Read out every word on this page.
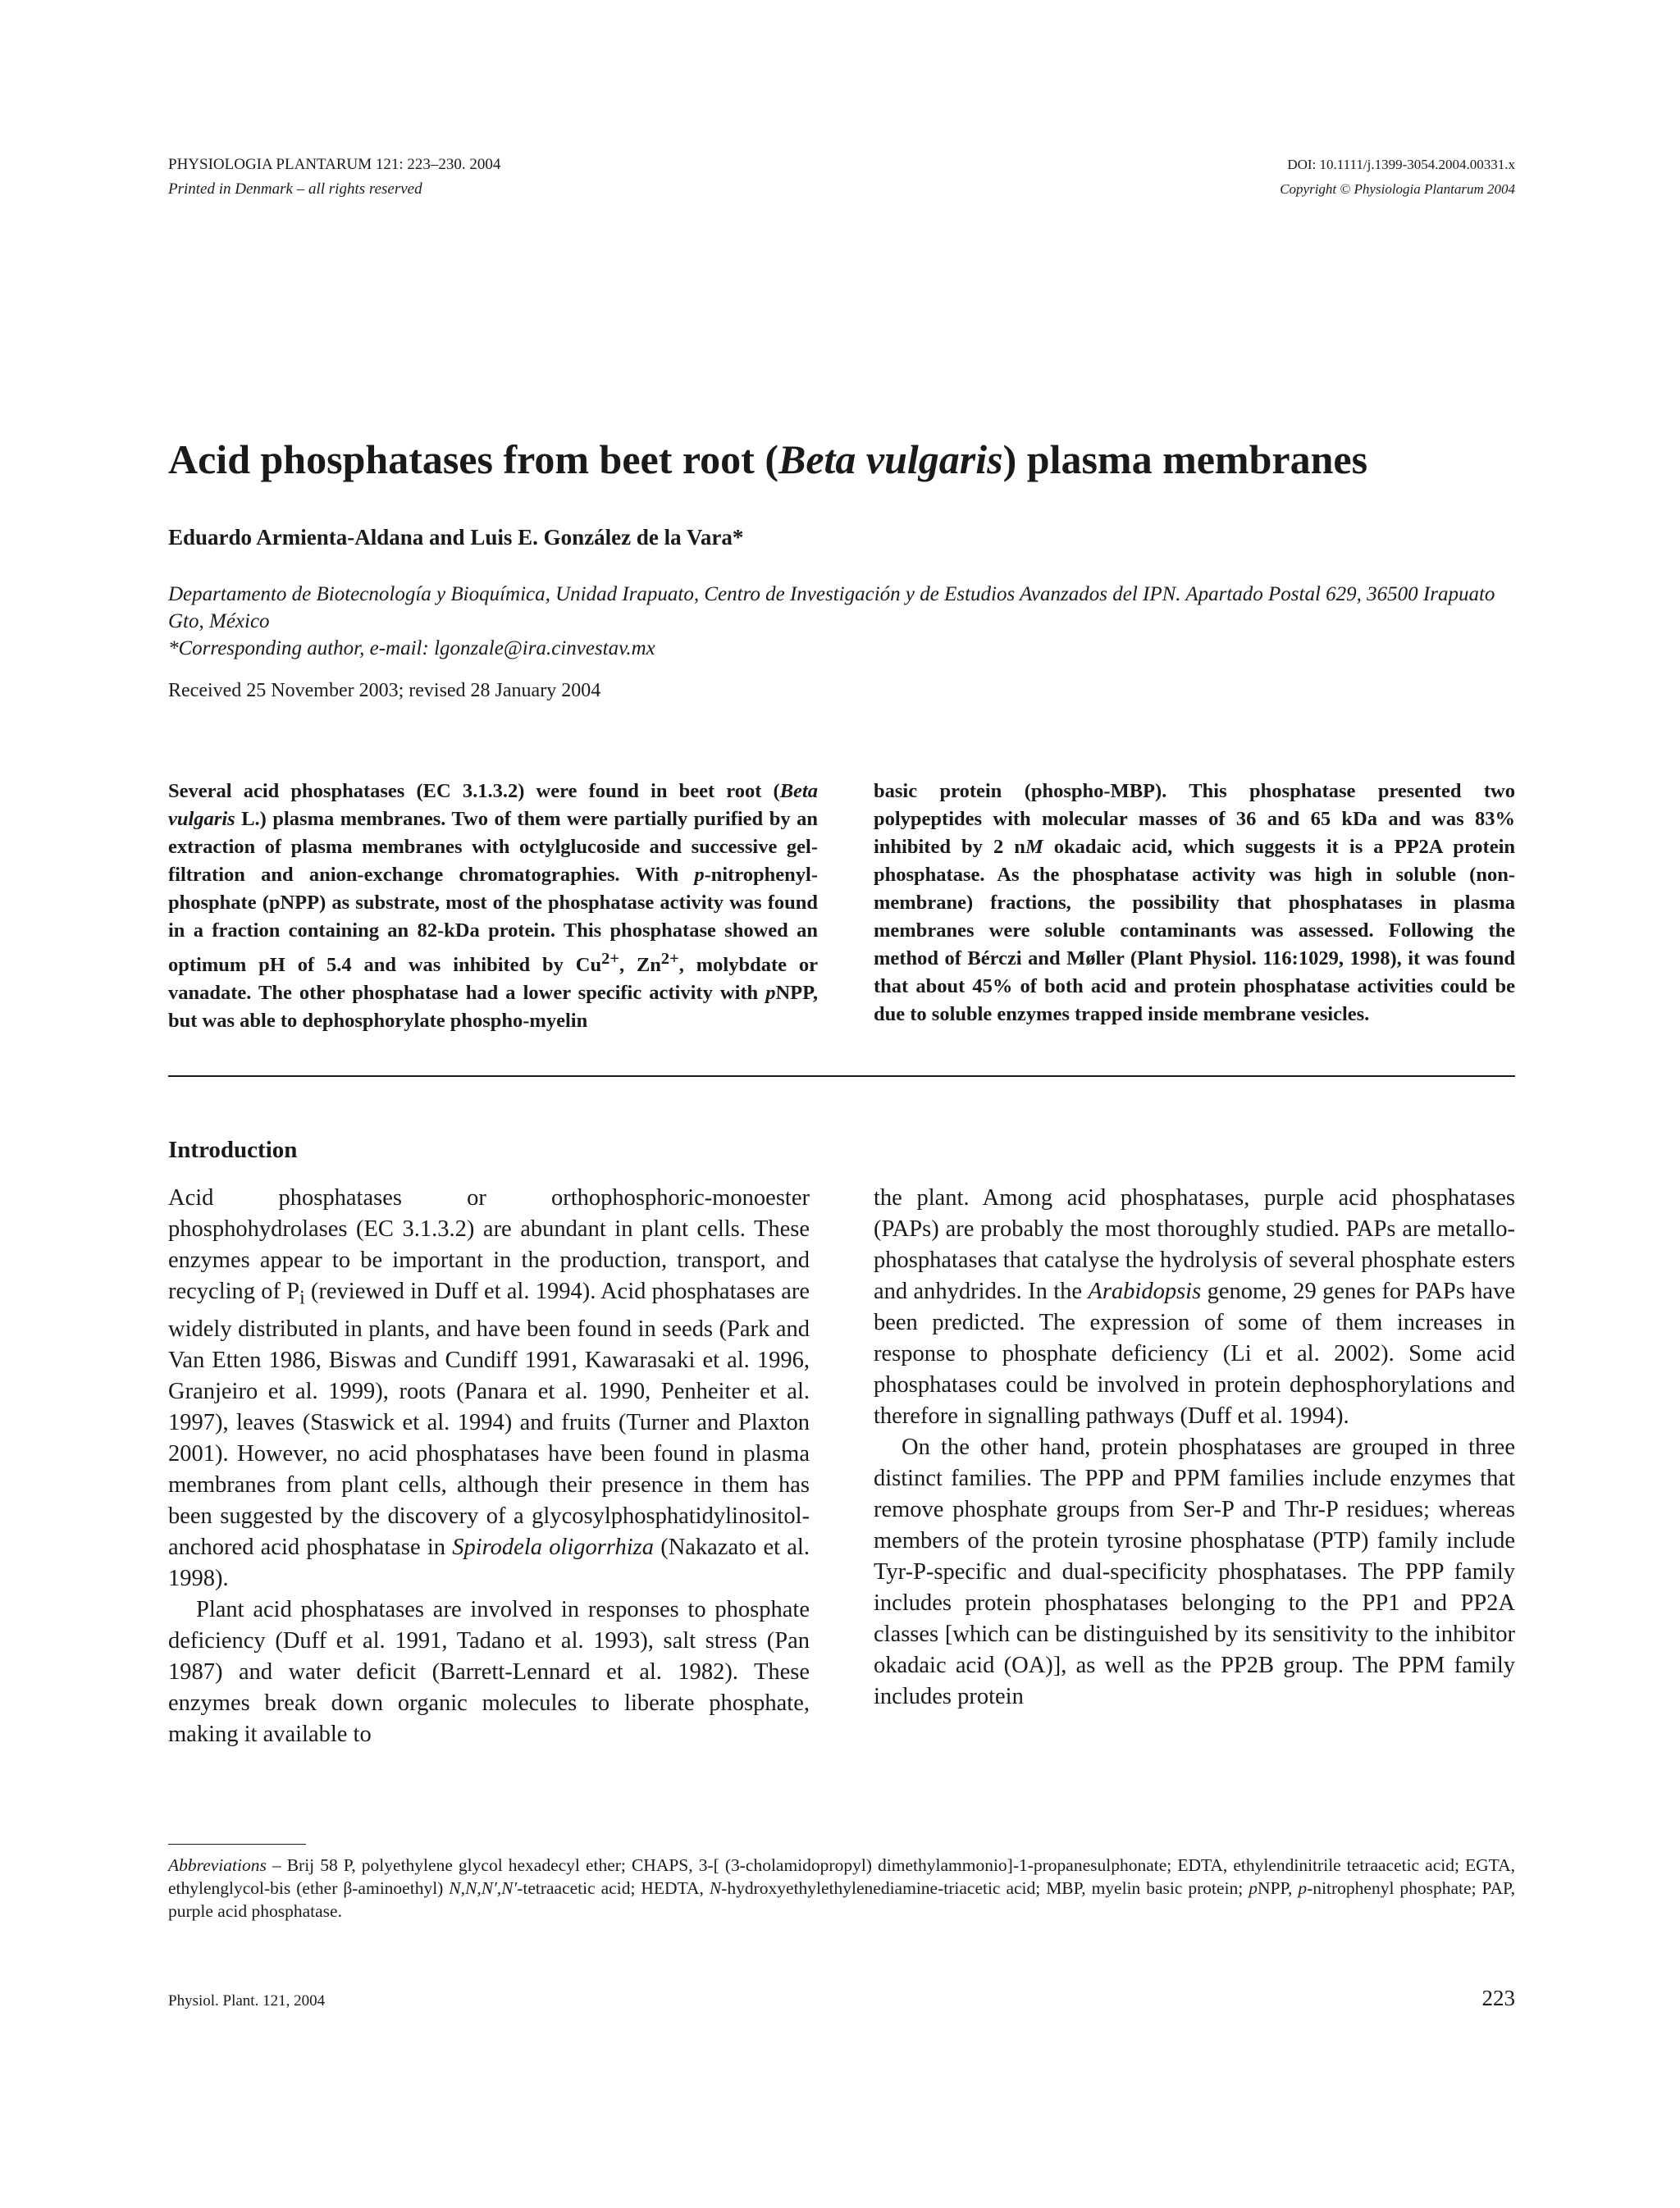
PHYSIOLOGIA PLANTARUM 121: 223–230. 2004
Printed in Denmark – all rights reserved
DOI: 10.1111/j.1399-3054.2004.00331.x
Copyright © Physiologia Plantarum 2004
Acid phosphatases from beet root (Beta vulgaris) plasma membranes
Eduardo Armienta-Aldana and Luis E. González de la Vara*
Departamento de Biotecnología y Bioquímica, Unidad Irapuato, Centro de Investigación y de Estudios Avanzados del IPN. Apartado Postal 629, 36500 Irapuato Gto, México
*Corresponding author, e-mail: lgonzale@ira.cinvestav.mx
Received 25 November 2003; revised 28 January 2004

Several acid phosphatases (EC 3.1.3.2) were found in beet root (Beta vulgaris L.) plasma membranes. Two of them were partially purified by an extraction of plasma membranes with octylglucoside and successive gel-filtration and anion-exchange chromatographies. With p-nitrophenyl-phosphate (pNPP) as substrate, most of the phosphatase activity was found in a fraction containing an 82-kDa protein. This phosphatase showed an optimum pH of 5.4 and was inhibited by $Cu^{2+}$, $Zn^{2+}$, molybdate or vanadate. The other phosphatase had a lower specific activity with pNPP, but was able to dephosphorylate phospho-myelin

basic protein (phospho-MBP). This phosphatase presented two polypeptides with molecular masses of 36 and 65 kDa and was 83% inhibited by 2 nM okadaic acid, which suggests it is a PP2A protein phosphatase. As the phosphatase activity was high in soluble (non-membrane) fractions, the possibility that phosphatases in plasma membranes were soluble contaminants was assessed. Following the method of Bérczi and Møller (Plant Physiol. 116:1029, 1998), it was found that about 45% of both acid and protein phosphatase activities could be due to soluble enzymes trapped inside membrane vesicles.

Introduction

Acid phosphatases or orthophosphoric-monoester phosphohydrolases (EC 3.1.3.2) are abundant in plant cells. These enzymes appear to be important in the production, transport, and recycling of $P_i$ (reviewed in Duff et al. 1994). Acid phosphatases are widely distributed in plants, and have been found in seeds (Park and Van Etten 1986, Biswas and Cundiff 1991, Kawarasaki et al. 1996, Granjeiro et al. 1999), roots (Panara et al. 1990, Penheiter et al. 1997), leaves (Staswick et al. 1994) and fruits (Turner and Plaxton 2001). However, no acid phosphatases have been found in plasma membranes from plant cells, although their presence in them has been suggested by the discovery of a glycosylphosphatidylinositol-anchored acid phosphatase in Spirodela oligorrhiza (Nakazato et al. 1998).

Plant acid phosphatases are involved in responses to phosphate deficiency (Duff et al. 1991, Tadano et al. 1993), salt stress (Pan 1987) and water deficit (Barrett-Lennard et al. 1982). These enzymes break down organic molecules to liberate phosphate, making it available to

the plant. Among acid phosphatases, purple acid phosphatases (PAPs) are probably the most thoroughly studied. PAPs are metallo-phosphatases that catalyse the hydrolysis of several phosphate esters and anhydrides. In the Arabidopsis genome, 29 genes for PAPs have been predicted. The expression of some of them increases in response to phosphate deficiency (Li et al. 2002). Some acid phosphatases could be involved in protein dephosphorylations and therefore in signalling pathways (Duff et al. 1994).

On the other hand, protein phosphatases are grouped in three distinct families. The PPP and PPM families include enzymes that remove phosphate groups from Ser-P and Thr-P residues; whereas members of the protein tyrosine phosphatase (PTP) family include Tyr-P-specific and dual-specificity phosphatases. The PPP family includes protein phosphatases belonging to the PP1 and PP2A classes [which can be distinguished by its sensitivity to the inhibitor okadaic acid (OA)], as well as the PP2B group. The PPM family includes protein

Abbreviations – Brij 58 P, polyethylene glycol hexadecyl ether; CHAPS, 3-[ (3-cholamidopropyl) dimethylammonio]-1-propanesulphonate; EDTA, ethylendinitrile tetraacetic acid; EGTA, ethylenglycol-bis (ether β-aminoethyl) N,N,N′,N′-tetraacetic acid; HEDTA, N-hydroxyethylethylenediamine-triacetic acid; MBP, myelin basic protein; pNPP, p-nitrophenyl phosphate; PAP, purple acid phosphatase.
Physiol. Plant. 121, 2004	223
